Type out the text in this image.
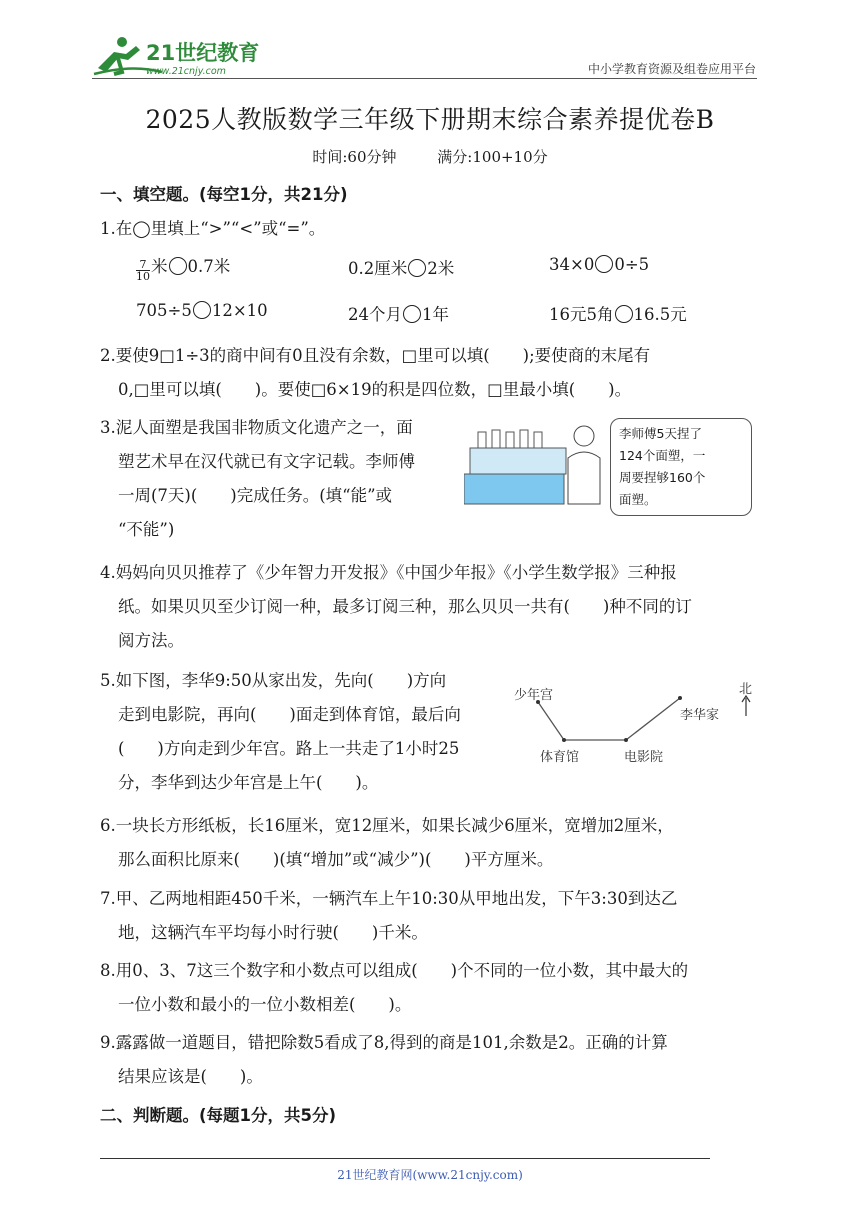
21世纪教育
www.21cnjy.com	中小学教育资源及组卷应用平台
2025人教版数学三年级下册期末综合素养提优卷B
时间:60分钟	满分:100+10分
一、填空题。(每空1分，共21分)
1.在◯里填上“>”“<”或“=”。
$\frac{7}{10}$ 米 0.7米	0.2厘米 2米	34×0 0÷5
705÷5 12×10	24个月 1年	16元5角 16.5元
2.要使9□1÷3的商中间有0且没有余数，□里可以填(　　);要使商的末尾有
0,□里可以填(　　)。要使□6×19的积是四位数，□里最小填(　　)。
3.泥人面塑是我国非物质文化遗产之一，面
塑艺术早在汉代就已有文字记载。李师傅
一周(7天)(　　)完成任务。(填“能”或
“不能”)
李师傅5天捏了
124个面塑，一
周要捏够160个
面塑。
4.妈妈向贝贝推荐了《少年智力开发报》《中国少年报》《小学生数学报》三种报
纸。如果贝贝至少订阅一种，最多订阅三种，那么贝贝一共有(　　)种不同的订
阅方法。
5.如下图，李华9:50从家出发，先向(　　)方向
走到电影院，再向(　　)面走到体育馆，最后向
(　　)方向走到少年宫。路上一共走了1小时25
分，李华到达少年宫是上午(　　)。
少年宫
体育馆	电影院
李华家
北
6.一块长方形纸板，长16厘米，宽12厘米，如果长减少6厘米，宽增加2厘米，
那么面积比原来(　　)(填“增加”或“减少”)(　　)平方厘米。
7.甲、乙两地相距450千米，一辆汽车上午10:30从甲地出发，下午3:30到达乙
地，这辆汽车平均每小时行驶(　　)千米。
8.用0、3、7这三个数字和小数点可以组成(　　)个不同的一位小数，其中最大的
一位小数和最小的一位小数相差(　　)。
9.露露做一道题目，错把除数5看成了8,得到的商是101,余数是2。正确的计算
结果应该是(　　)。
二、判断题。(每题1分，共5分)
21世纪教育网(www.21cnjy.com)
